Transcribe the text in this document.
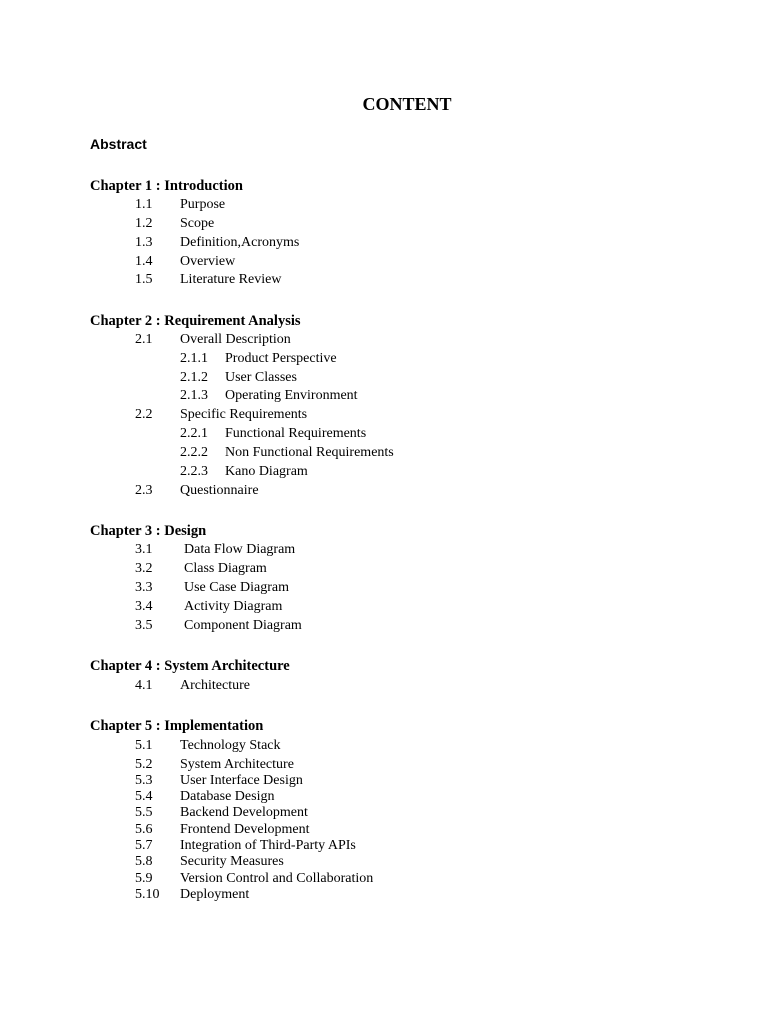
CONTENT
Abstract
Chapter 1 : Introduction
1.1 Purpose
1.2 Scope
1.3 Definition,Acronyms
1.4 Overview
1.5 Literature Review
Chapter 2 : Requirement Analysis
2.1 Overall Description
2.1.1 Product Perspective
2.1.2 User Classes
2.1.3 Operating Environment
2.2 Specific Requirements
2.2.1 Functional Requirements
2.2.2 Non Functional Requirements
2.2.3 Kano Diagram
2.3 Questionnaire
Chapter 3 : Design
3.1 Data Flow Diagram
3.2 Class Diagram
3.3 Use Case Diagram
3.4 Activity Diagram
3.5 Component Diagram
Chapter 4 : System Architecture
4.1 Architecture
Chapter 5 : Implementation
5.1 Technology Stack
5.2 System Architecture
5.3 User Interface Design
5.4 Database Design
5.5 Backend Development
5.6 Frontend Development
5.7 Integration of Third-Party APIs
5.8 Security Measures
5.9 Version Control and Collaboration
5.10 Deployment
